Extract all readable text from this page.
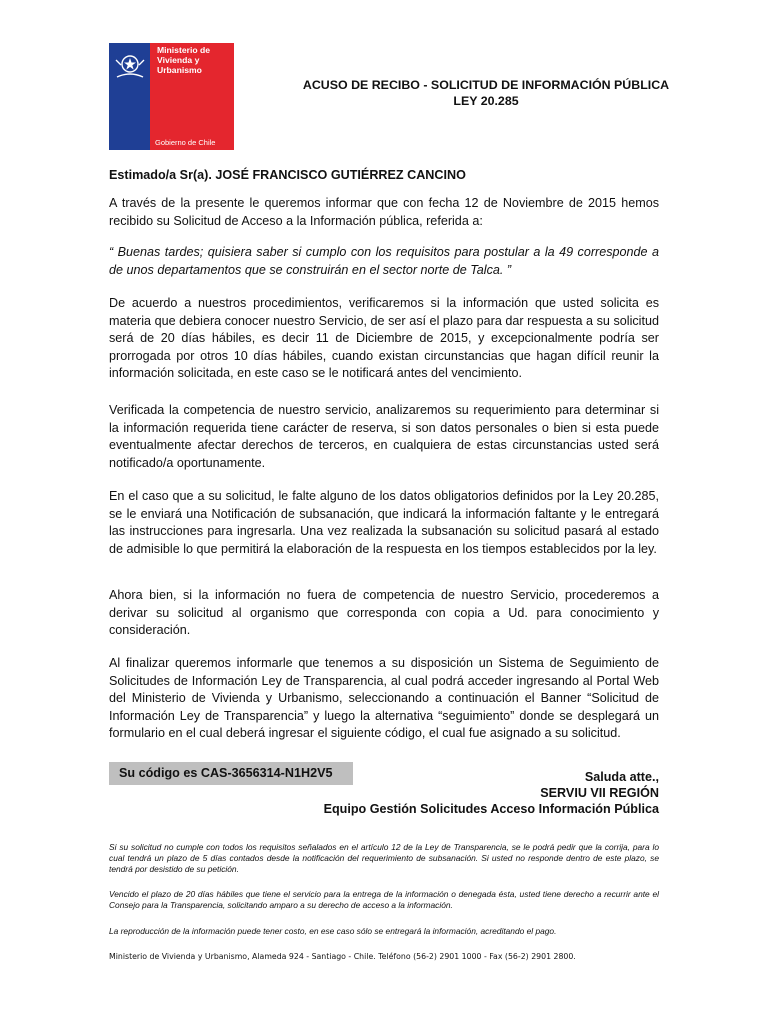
Ministerio de
Vivienda y
Urbanismo
Gobierno de Chile
ACUSO DE RECIBO - SOLICITUD DE INFORMACIÓN PÚBLICA
LEY 20.285

Estimado/a Sr(a). JOSÉ FRANCISCO GUTIÉRREZ CANCINO

A través de la presente le queremos informar que con fecha 12 de Noviembre de 2015 hemos recibido su Solicitud de Acceso a la Información pública, referida a:

“ Buenas tardes; quisiera saber si cumplo con los requisitos para postular a la 49 corresponde a de unos departamentos que se construirán en el sector norte de Talca. ”

De acuerdo a nuestros procedimientos, verificaremos si la información que usted solicita es materia que debiera conocer nuestro Servicio, de ser así el plazo para dar respuesta a su solicitud será de 20 días hábiles, es decir 11 de Diciembre de 2015, y excepcionalmente podría ser prorrogada por otros 10 días hábiles, cuando existan circunstancias que hagan difícil reunir la información solicitada, en este caso se le notificará antes del vencimiento.

Verificada la competencia de nuestro servicio, analizaremos su requerimiento para determinar si la información requerida tiene carácter de reserva, si son datos personales o bien si esta puede eventualmente afectar derechos de terceros, en cualquiera de estas circunstancias usted será notificado/a oportunamente.

En el caso que a su solicitud, le falte alguno de los datos obligatorios definidos por la Ley 20.285, se le enviará una Notificación de subsanación, que indicará la información faltante y le entregará las instrucciones para ingresarla. Una vez realizada la subsanación su solicitud pasará al estado de admisible lo que permitirá la elaboración de la respuesta en los tiempos establecidos por la ley.

Ahora bien, si la información no fuera de competencia de nuestro Servicio, procederemos a derivar su solicitud al organismo que corresponda con copia a Ud. para conocimiento y consideración.

Al finalizar queremos informarle que tenemos a su disposición un Sistema de Seguimiento de Solicitudes de Información Ley de Transparencia, al cual podrá acceder ingresando al Portal Web del Ministerio de Vivienda y Urbanismo, seleccionando a continuación el Banner “Solicitud de Información Ley de Transparencia” y luego la alternativa “seguimiento” donde se desplegará un formulario en el cual deberá ingresar el siguiente código, el cual fue asignado a su solicitud.

Su código es CAS-3656314-N1H2V5	Saluda atte.,
SERVIU VII REGIÓN
Equipo Gestión Solicitudes Acceso Información Pública

Si su solicitud no cumple con todos los requisitos señalados en el artículo 12 de la Ley de Transparencia, se le podrá pedir que la corrija, para lo cual tendrá un plazo de 5 días contados desde la notificación del requerimiento de subsanación. Si usted no responde dentro de este plazo, se tendrá por desistido de su petición.

Vencido el plazo de 20 días hábiles que tiene el servicio para la entrega de la información o denegada ésta, usted tiene derecho a recurrir ante el Consejo para la Transparencia, solicitando amparo a su derecho de acceso a la información.

La reproducción de la información puede tener costo, en ese caso sólo se entregará la información, acreditando el pago.

Ministerio de Vivienda y Urbanismo, Alameda 924 - Santiago - Chile. Teléfono (56-2) 2901 1000 - Fax (56-2) 2901 2800.
